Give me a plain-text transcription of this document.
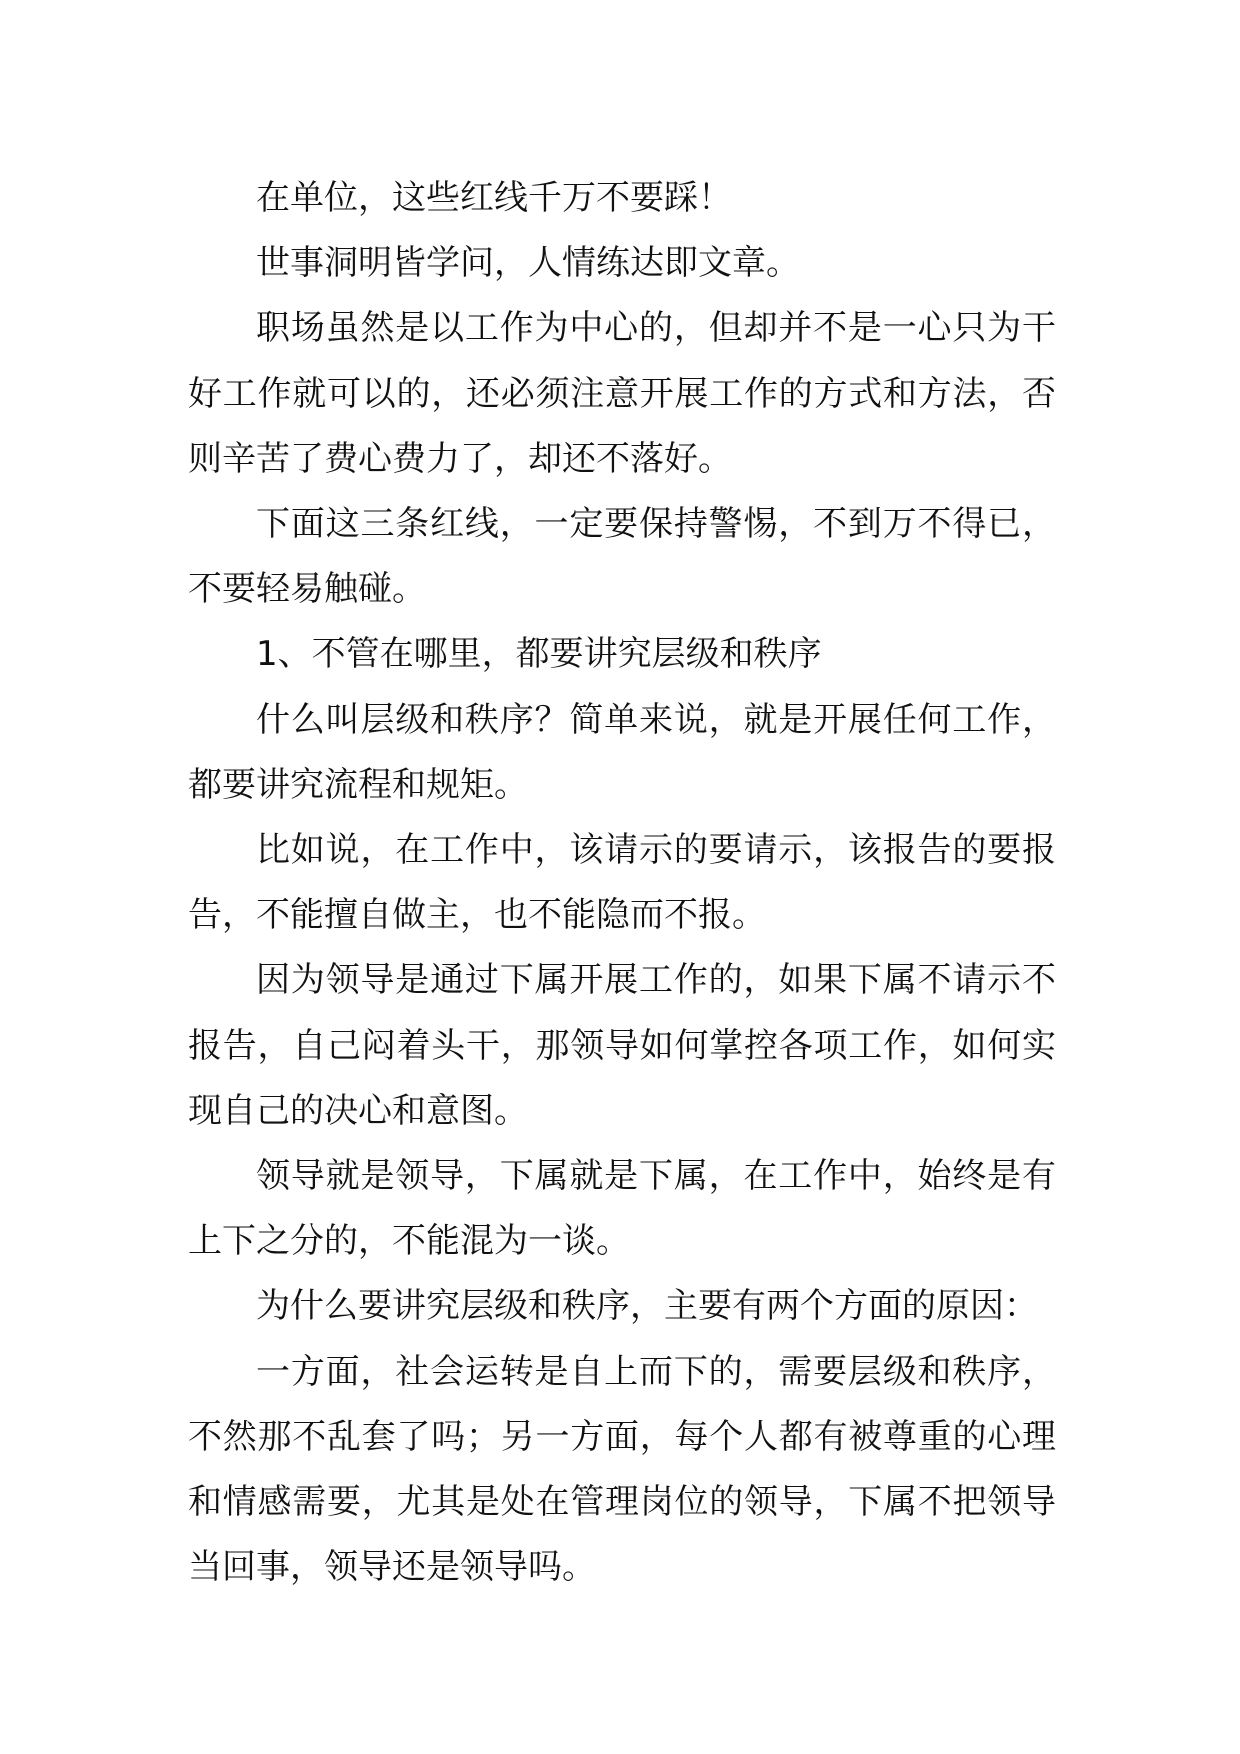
在单位，这些红线千万不要踩！

世事洞明皆学问，人情练达即文章。

职场虽然是以工作为中心的，但却并不是一心只为干好工作就可以的，还必须注意开展工作的方式和方法，否则辛苦了费心费力了，却还不落好。

下面这三条红线，一定要保持警惕，不到万不得已，不要轻易触碰。

1、不管在哪里，都要讲究层级和秩序

什么叫层级和秩序？简单来说，就是开展任何工作，都要讲究流程和规矩。

比如说，在工作中，该请示的要请示，该报告的要报告，不能擅自做主，也不能隐而不报。

因为领导是通过下属开展工作的，如果下属不请示不报告，自己闷着头干，那领导如何掌控各项工作，如何实现自己的决心和意图。

领导就是领导，下属就是下属，在工作中，始终是有上下之分的，不能混为一谈。

为什么要讲究层级和秩序，主要有两个方面的原因：

一方面，社会运转是自上而下的，需要层级和秩序，不然那不乱套了吗；另一方面，每个人都有被尊重的心理和情感需要，尤其是处在管理岗位的领导，下属不把领导当回事，领导还是领导吗。
